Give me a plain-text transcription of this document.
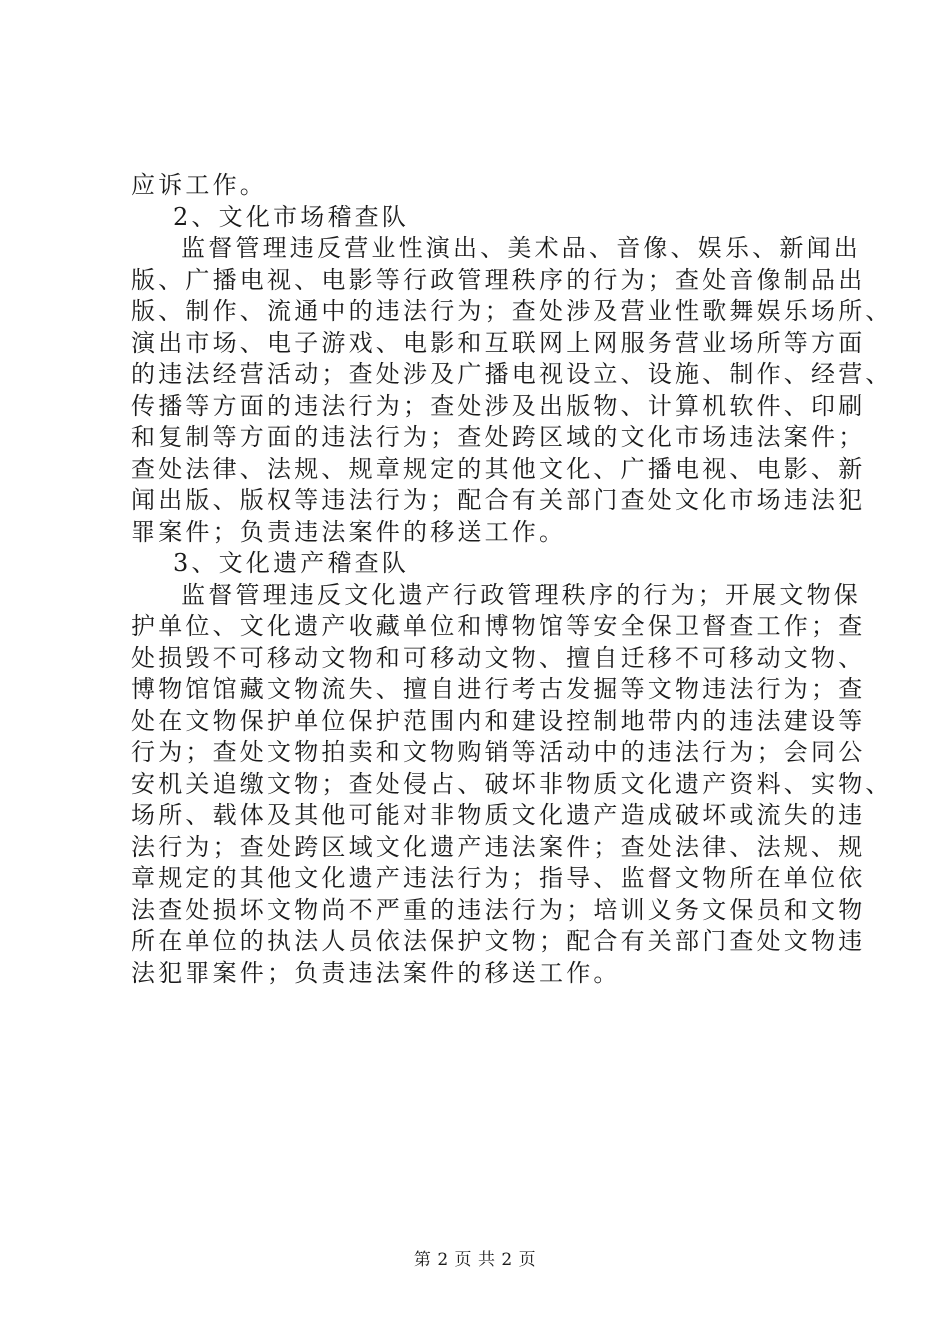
应诉工作。
2、文化市场稽查队
监督管理违反营业性演出、美术品、音像、娱乐、新闻出
版、广播电视、电影等行政管理秩序的行为；查处音像制品出
版、制作、流通中的违法行为；查处涉及营业性歌舞娱乐场所、
演出市场、电子游戏、电影和互联网上网服务营业场所等方面
的违法经营活动；查处涉及广播电视设立、设施、制作、经营、
传播等方面的违法行为；查处涉及出版物、计算机软件、印刷
和复制等方面的违法行为；查处跨区域的文化市场违法案件；
查处法律、法规、规章规定的其他文化、广播电视、电影、新
闻出版、版权等违法行为；配合有关部门查处文化市场违法犯
罪案件；负责违法案件的移送工作。
3、文化遗产稽查队
监督管理违反文化遗产行政管理秩序的行为；开展文物保
护单位、文化遗产收藏单位和博物馆等安全保卫督查工作；查
处损毁不可移动文物和可移动文物、擅自迁移不可移动文物、
博物馆馆藏文物流失、擅自进行考古发掘等文物违法行为；查
处在文物保护单位保护范围内和建设控制地带内的违法建设等
行为；查处文物拍卖和文物购销等活动中的违法行为；会同公
安机关追缴文物；查处侵占、破坏非物质文化遗产资料、实物、
场所、载体及其他可能对非物质文化遗产造成破坏或流失的违
法行为；查处跨区域文化遗产违法案件；查处法律、法规、规
章规定的其他文化遗产违法行为；指导、监督文物所在单位依
法查处损坏文物尚不严重的违法行为；培训义务文保员和文物
所在单位的执法人员依法保护文物；配合有关部门查处文物违
法犯罪案件；负责违法案件的移送工作。
第 2 页 共 2 页
